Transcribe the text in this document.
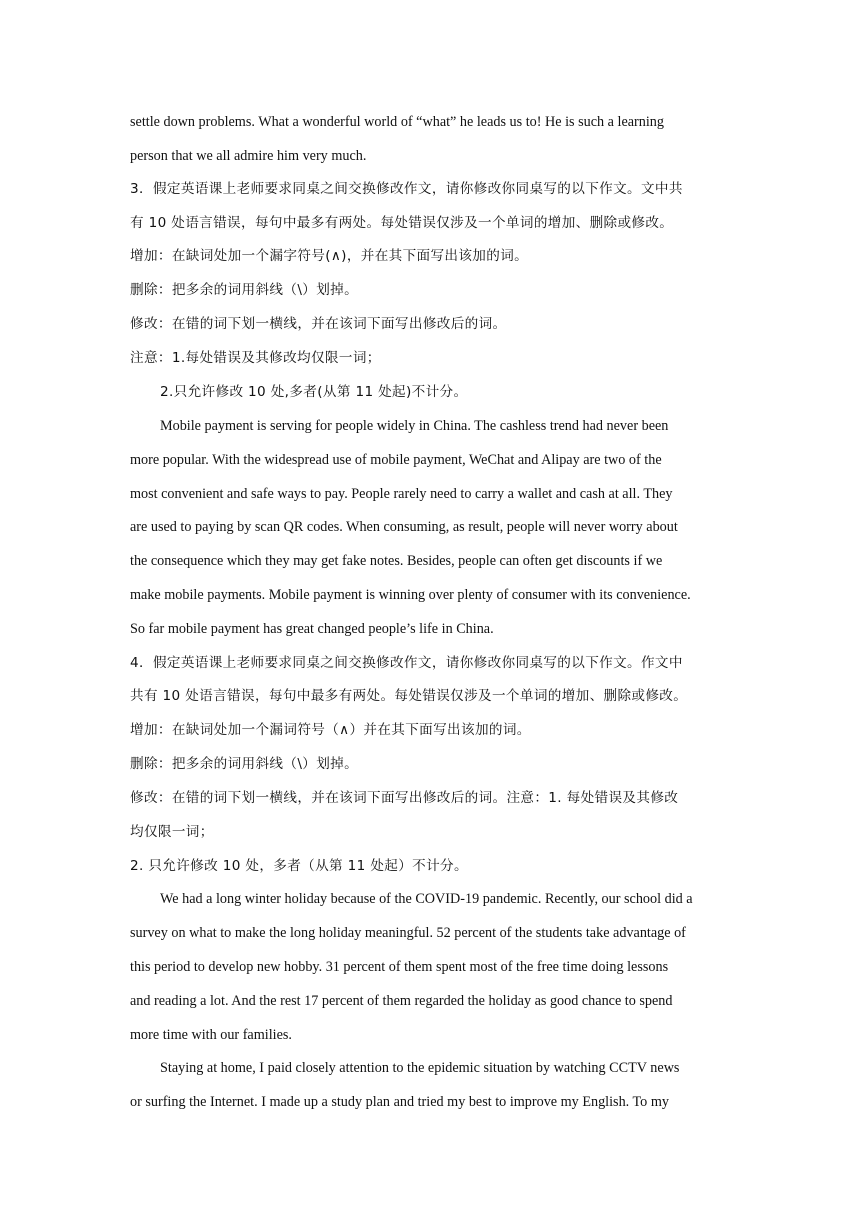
settle down problems. What a wonderful world of “what” he leads us to! He is such a learning
person that we all admire him very much.
3．假定英语课上老师要求同桌之间交换修改作文，请你修改你同桌写的以下作文。文中共
有 10 处语言错误，每句中最多有两处。每处错误仅涉及一个单词的增加、删除或修改。
增加：在缺词处加一个漏字符号(∧)，并在其下面写出该加的词。
删除：把多余的词用斜线（\）划掉。
修改：在错的词下划一横线，并在该词下面写出修改后的词。
注意：1.每处错误及其修改均仅限一词；
2.只允许修改 10 处,多者(从第 11 处起)不计分。
Mobile payment is serving for people widely in China. The cashless trend had never been
more popular. With the widespread use of mobile payment, WeChat and Alipay are two of the
most convenient and safe ways to pay. People rarely need to carry a wallet and cash at all. They
are used to paying by scan QR codes. When consuming, as result, people will never worry about
the consequence which they may get fake notes. Besides, people can often get discounts if we
make mobile payments. Mobile payment is winning over plenty of consumer with its convenience.
So far mobile payment has great changed people’s life in China.
4．假定英语课上老师要求同桌之间交换修改作文，请你修改你同桌写的以下作文。作文中
共有 10 处语言错误，每句中最多有两处。每处错误仅涉及一个单词的增加、删除或修改。
增加：在缺词处加一个漏词符号（∧）并在其下面写出该加的词。
删除：把多余的词用斜线（\）划掉。
修改：在错的词下划一横线，并在该词下面写出修改后的词。注意：1. 每处错误及其修改
均仅限一词；
2. 只允许修改 10 处，多者（从第 11 处起）不计分。
We had a long winter holiday because of the COVID-19 pandemic. Recently, our school did a
survey on what to make the long holiday meaningful. 52 percent of the students take advantage of
this period to develop new hobby. 31 percent of them spent most of the free time doing lessons
and reading a lot. And the rest 17 percent of them regarded the holiday as good chance to spend
more time with our families.
Staying at home, I paid closely attention to the epidemic situation by watching CCTV news
or surfing the Internet. I made up a study plan and tried my best to improve my English. To my
